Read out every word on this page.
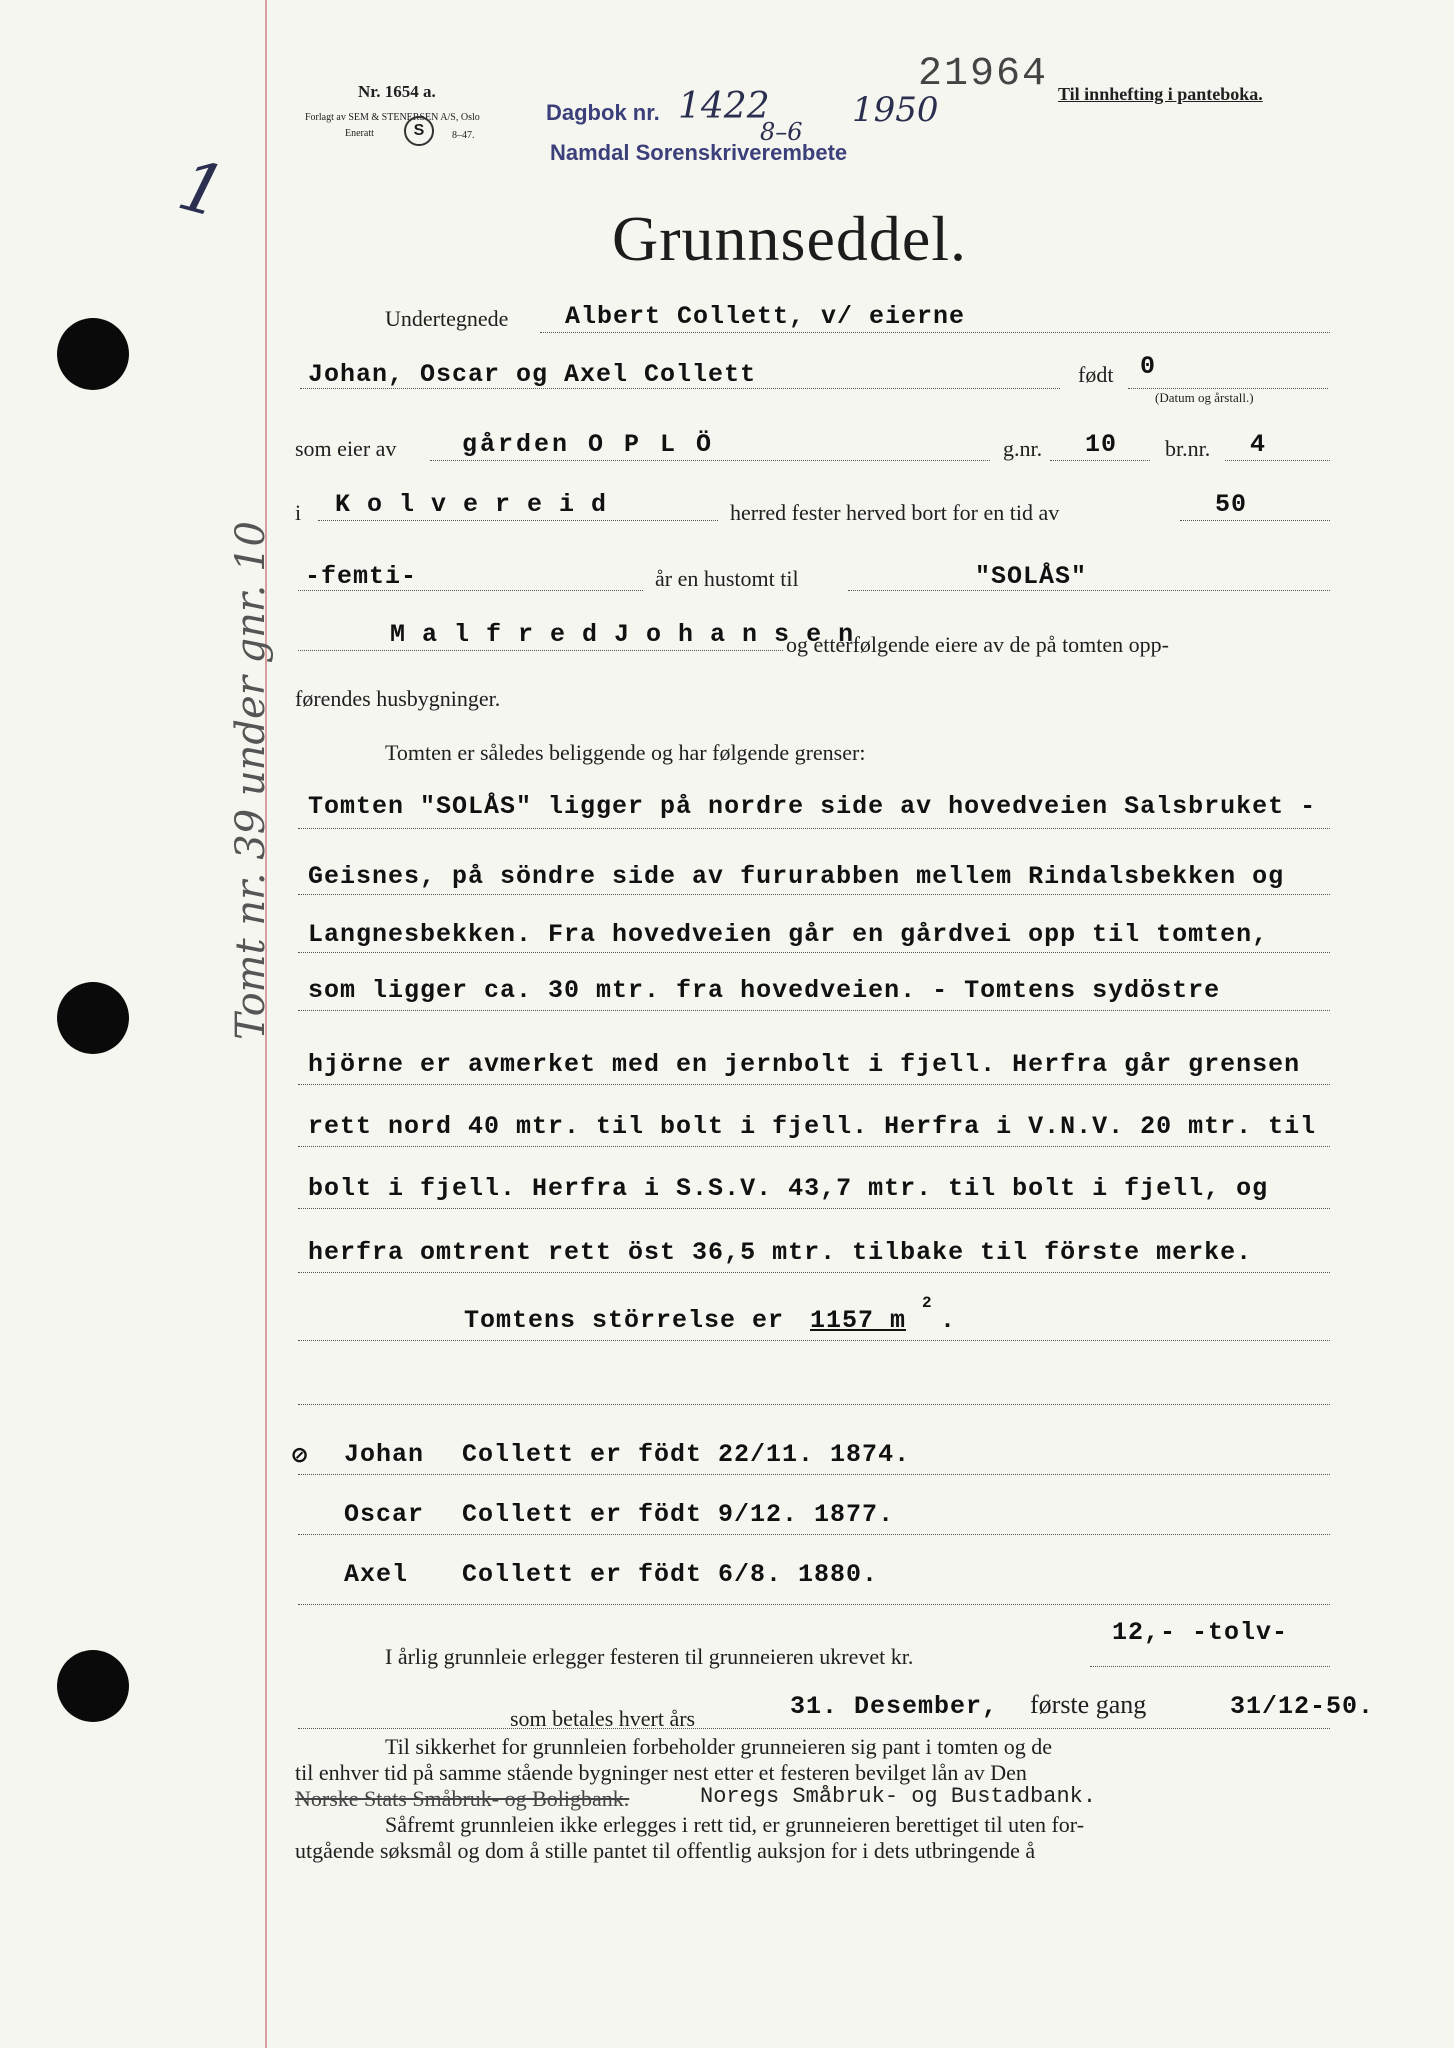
1
Tomt nr. 39 under gnr. 10
Nr. 1654 a.
Forlagt av SEM & STENERSEN A/S, Oslo
Eneratt	S	8–47.
Dagbok nr. 1422 1950
8–6
Namdal Sorenskriverembete
21964 Til innhefting i panteboka.
Grunnseddel.
Undertegnede Albert Collett, v/ eierne
Johan, Oscar og Axel Collett	født 0
(Datum og årstall.)
som eier av	gården O P L Ö	g.nr. 10 br.nr. 4
i K o l v e r e i d	herred fester herved bort for en tid av	50
-femti-	år en hustomt til	"SOLÅS"
M a l f r e d J o h a n s e n
og etterfølgende eiere av de på tomten opp-
førendes husbygninger.
Tomten er således beliggende og har følgende grenser:
Tomten "SOLÅS" ligger på nordre side av hovedveien Salsbruket -
Geisnes, på söndre side av fururabben mellem Rindalsbekken og
Langnesbekken. Fra hovedveien går en gårdvei opp til tomten,
som ligger ca. 30 mtr. fra hovedveien. - Tomtens sydöstre
hjörne er avmerket med en jernbolt i fjell. Herfra går grensen
rett nord 40 mtr. til bolt i fjell. Herfra i V.N.V. 20 mtr. til
bolt i fjell. Herfra i S.S.V. 43,7 mtr. til bolt i fjell, og
herfra omtrent rett öst 36,5 mtr. tilbake til förste merke.
Tomtens störrelse er 1157 m
2
.
⊘ Johan Collett er födt 22/11. 1874.
Oscar Collett er födt 9/12. 1877.
Axel Collett er födt 6/8. 1880.
12,- -tolv-
I årlig grunnleie erlegger festeren til grunneieren ukrevet kr.
som betales hvert års	31. Desember, første gang	31/12-50.
Til sikkerhet for grunnleien forbeholder grunneieren sig pant i tomten og de
til enhver tid på samme stående bygninger nest etter et festeren bevilget lån av Den
Norske Stats Småbruk- og Boligbank.	Noregs Småbruk- og Bustadbank.
Såfremt grunnleien ikke erlegges i rett tid, er grunneieren berettiget til uten for-
utgående søksmål og dom å stille pantet til offentlig auksjon for i dets utbringende å
